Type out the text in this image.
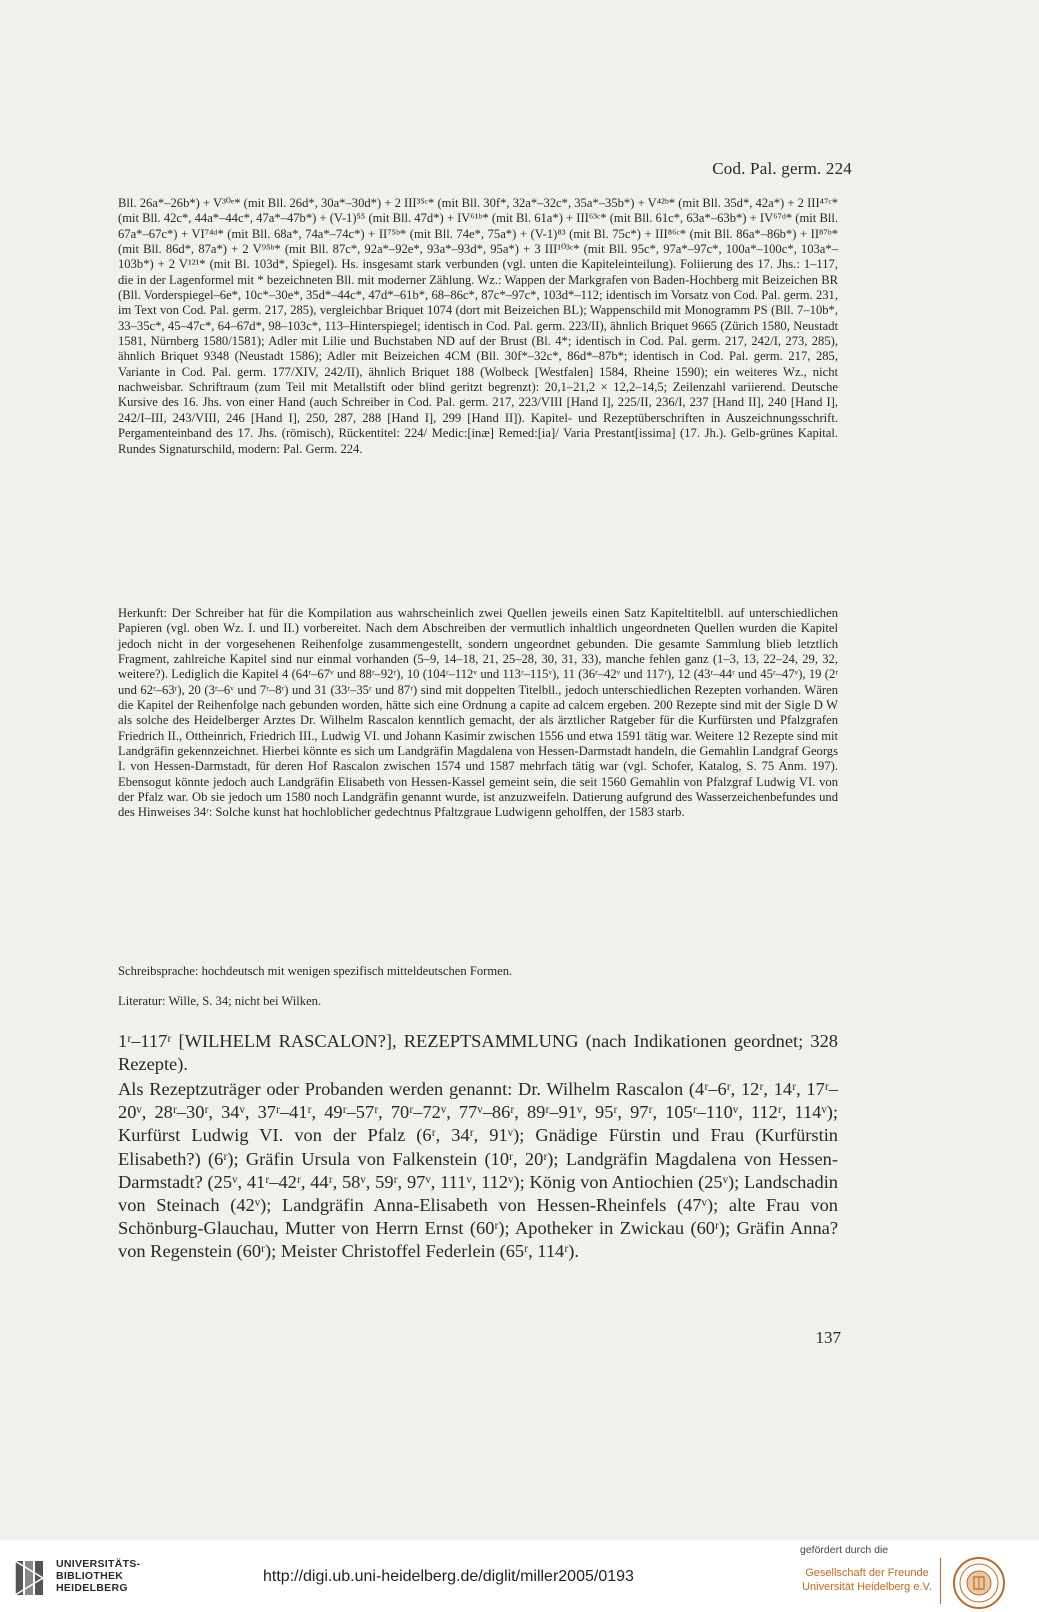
Cod. Pal. germ. 224
Bll. 26a*–26b*) + V³⁰ᵉ* (mit Bll. 26d*, 30a*–30d*) + 2 III³⁵ᶜ* (mit Bll. 30f*, 32a*–32c*, 35a*–35b*) + V⁴²ᵇ* (mit Bll. 35d*, 42a*) + 2 III⁴⁷ᶜ* (mit Bll. 42c*, 44a*–44c*, 47a*–47b*) + (V-1)⁵⁵ (mit Bll. 47d*) + IV⁶¹ᵇ* (mit Bl. 61a*) + III⁶³ᶜ* (mit Bll. 61c*, 63a*–63b*) + IV⁶⁷ᵈ* (mit Bll. 67a*–67c*) + VI⁷⁴ᵈ* (mit Bll. 68a*, 74a*–74c*) + II⁷⁵ᵇ* (mit Bll. 74e*, 75a*) + (V-1)⁸³ (mit Bl. 75c*) + III⁸⁶ᶜ* (mit Bll. 86a*–86b*) + II⁸⁷ᵇ* (mit Bll. 86d*, 87a*) + 2 V⁹⁵ᵇ* (mit Bll. 87c*, 92a*–92e*, 93a*–93d*, 95a*) + 3 III¹⁰³ᶜ* (mit Bll. 95c*, 97a*–97c*, 100a*–100c*, 103a*–103b*) + 2 V¹²¹* (mit Bl. 103d*, Spiegel). Hs. insgesamt stark verbunden (vgl. unten die Kapiteleinteilung). Foliierung des 17. Jhs.: 1–117, die in der Lagenformel mit * bezeichneten Bll. mit moderner Zählung. Wz.: Wappen der Markgrafen von Baden-Hochberg mit Beizeichen BR (Bll. Vorderspiegel–6e*, 10c*–30e*, 35d*–44c*, 47d*–61b*, 68–86c*, 87c*–97c*, 103d*–112; identisch im Vorsatz von Cod. Pal. germ. 231, im Text von Cod. Pal. germ. 217, 285), vergleichbar Briquet 1074 (dort mit Beizeichen BL); Wappenschild mit Monogramm PS (Bll. 7–10b*, 33–35c*, 45–47c*, 64–67d*, 98–103c*, 113–Hinterspiegel; identisch in Cod. Pal. germ. 223/II), ähnlich Briquet 9665 (Zürich 1580, Neustadt 1581, Nürnberg 1580/1581); Adler mit Lilie und Buchstaben ND auf der Brust (Bl. 4*; identisch in Cod. Pal. germ. 217, 242/I, 273, 285), ähnlich Briquet 9348 (Neustadt 1586); Adler mit Beizeichen 4CM (Bll. 30f*–32c*, 86d*–87b*; identisch in Cod. Pal. germ. 217, 285, Variante in Cod. Pal. germ. 177/XIV, 242/II), ähnlich Briquet 188 (Wolbeck [Westfalen] 1584, Rheine 1590); ein weiteres Wz., nicht nachweisbar. Schriftraum (zum Teil mit Metallstift oder blind geritzt begrenzt): 20,1–21,2 × 12,2–14,5; Zeilenzahl variierend. Deutsche Kursive des 16. Jhs. von einer Hand (auch Schreiber in Cod. Pal. germ. 217, 223/VIII [Hand I], 225/II, 236/I, 237 [Hand II], 240 [Hand I], 242/I–III, 243/VIII, 246 [Hand I], 250, 287, 288 [Hand I], 299 [Hand II]). Kapitel- und Rezeptüberschriften in Auszeichnungsschrift. Pergamenteinband des 17. Jhs. (römisch), Rückentitel: 224/ Medic:[inæ] Remed:[ia]/ Varia Prestant[issima] (17. Jh.). Gelb-grünes Kapital. Rundes Signaturschild, modern: Pal. Germ. 224.
Herkunft: Der Schreiber hat für die Kompilation aus wahrscheinlich zwei Quellen jeweils einen Satz Kapiteltitelbll. auf unterschiedlichen Papieren (vgl. oben Wz. I. und II.) vorbereitet. Nach dem Abschreiben der vermutlich inhaltlich ungeordneten Quellen wurden die Kapitel jedoch nicht in der vorgesehenen Reihenfolge zusammengestellt, sondern ungeordnet gebunden. Die gesamte Sammlung blieb letztlich Fragment, zahlreiche Kapitel sind nur einmal vorhanden (5–9, 14–18, 21, 25–28, 30, 31, 33), manche fehlen ganz (1–3, 13, 22–24, 29, 32, weitere?). Lediglich die Kapitel 4 (64ʳ–67ᵛ und 88ʳ–92ʳ), 10 (104ʳ–112ᵛ und 113ʳ–115ᵛ), 11 (36ʳ–42ᵛ und 117ʳ), 12 (43ʳ–44ʳ und 45ʳ–47ᵛ), 19 (2ʳ und 62ʳ–63ʳ), 20 (3ʳ–6ᵛ und 7ʳ–8ʳ) und 31 (33ʳ–35ʳ und 87ʳ) sind mit doppelten Titelbll., jedoch unterschiedlichen Rezepten vorhanden. Wären die Kapitel der Reihenfolge nach gebunden worden, hätte sich eine Ordnung a capite ad calcem ergeben. 200 Rezepte sind mit der Sigle D W als solche des Heidelberger Arztes Dr. Wilhelm Rascalon kenntlich gemacht, der als ärztlicher Ratgeber für die Kurfürsten und Pfalzgrafen Friedrich II., Ottheinrich, Friedrich III., Ludwig VI. und Johann Kasimir zwischen 1556 und etwa 1591 tätig war. Weitere 12 Rezepte sind mit Landgräfin gekennzeichnet. Hierbei könnte es sich um Landgräfin Magdalena von Hessen-Darmstadt handeln, die Gemahlin Landgraf Georgs I. von Hessen-Darmstadt, für deren Hof Rascalon zwischen 1574 und 1587 mehrfach tätig war (vgl. Schofer, Katalog, S. 75 Anm. 197). Ebensogut könnte jedoch auch Landgräfin Elisabeth von Hessen-Kassel gemeint sein, die seit 1560 Gemahlin von Pfalzgraf Ludwig VI. von der Pfalz war. Ob sie jedoch um 1580 noch Landgräfin genannt wurde, ist anzuzweifeln. Datierung aufgrund des Wasserzeichenbefundes und des Hinweises 34ʳ: Solche kunst hat hochloblicher gedechtnus Pfaltzgraue Ludwigenn geholffen, der 1583 starb.
Schreibsprache: hochdeutsch mit wenigen spezifisch mitteldeutschen Formen.
Literatur: Wille, S. 34; nicht bei Wilken.
1ʳ–117ʳ [WILHELM RASCALON?], REZEPTSAMMLUNG (nach Indikationen geordnet; 328 Rezepte).
Als Rezeptzuträger oder Probanden werden genannt: Dr. Wilhelm Rascalon (4ʳ–6ʳ, 12ʳ, 14ʳ, 17ʳ–20ᵛ, 28ʳ–30ʳ, 34ᵛ, 37ʳ–41ʳ, 49ʳ–57ʳ, 70ʳ–72ᵛ, 77ᵛ–86ʳ, 89ʳ–91ᵛ, 95ʳ, 97ʳ, 105ʳ–110ᵛ, 112ʳ, 114ᵛ); Kurfürst Ludwig VI. von der Pfalz (6ʳ, 34ʳ, 91ᵛ); Gnädige Fürstin und Frau (Kurfürstin Elisabeth?) (6ʳ); Gräfin Ursula von Falkenstein (10ʳ, 20ʳ); Landgräfin Magdalena von Hessen-Darmstadt? (25ᵛ, 41ʳ–42ʳ, 44ʳ, 58ᵛ, 59ʳ, 97ᵛ, 111ᵛ, 112ᵛ); König von Antiochien (25ᵛ); Landschadin von Steinach (42ᵛ); Landgräfin Anna-Elisabeth von Hessen-Rheinfels (47ᵛ); alte Frau von Schönburg-Glauchau, Mutter von Herrn Ernst (60ʳ); Apotheker in Zwickau (60ʳ); Gräfin Anna? von Regenstein (60ʳ); Meister Christoffel Federlein (65ʳ, 114ʳ).
137
UNIVERSITÄTS-
BIBLIOTHEK
HEIDELBERG
http://digi.ub.uni-heidelberg.de/diglit/miller2005/0193
gefördert durch die
Gesellschaft der Freunde
Universität Heidelberg e.V.
